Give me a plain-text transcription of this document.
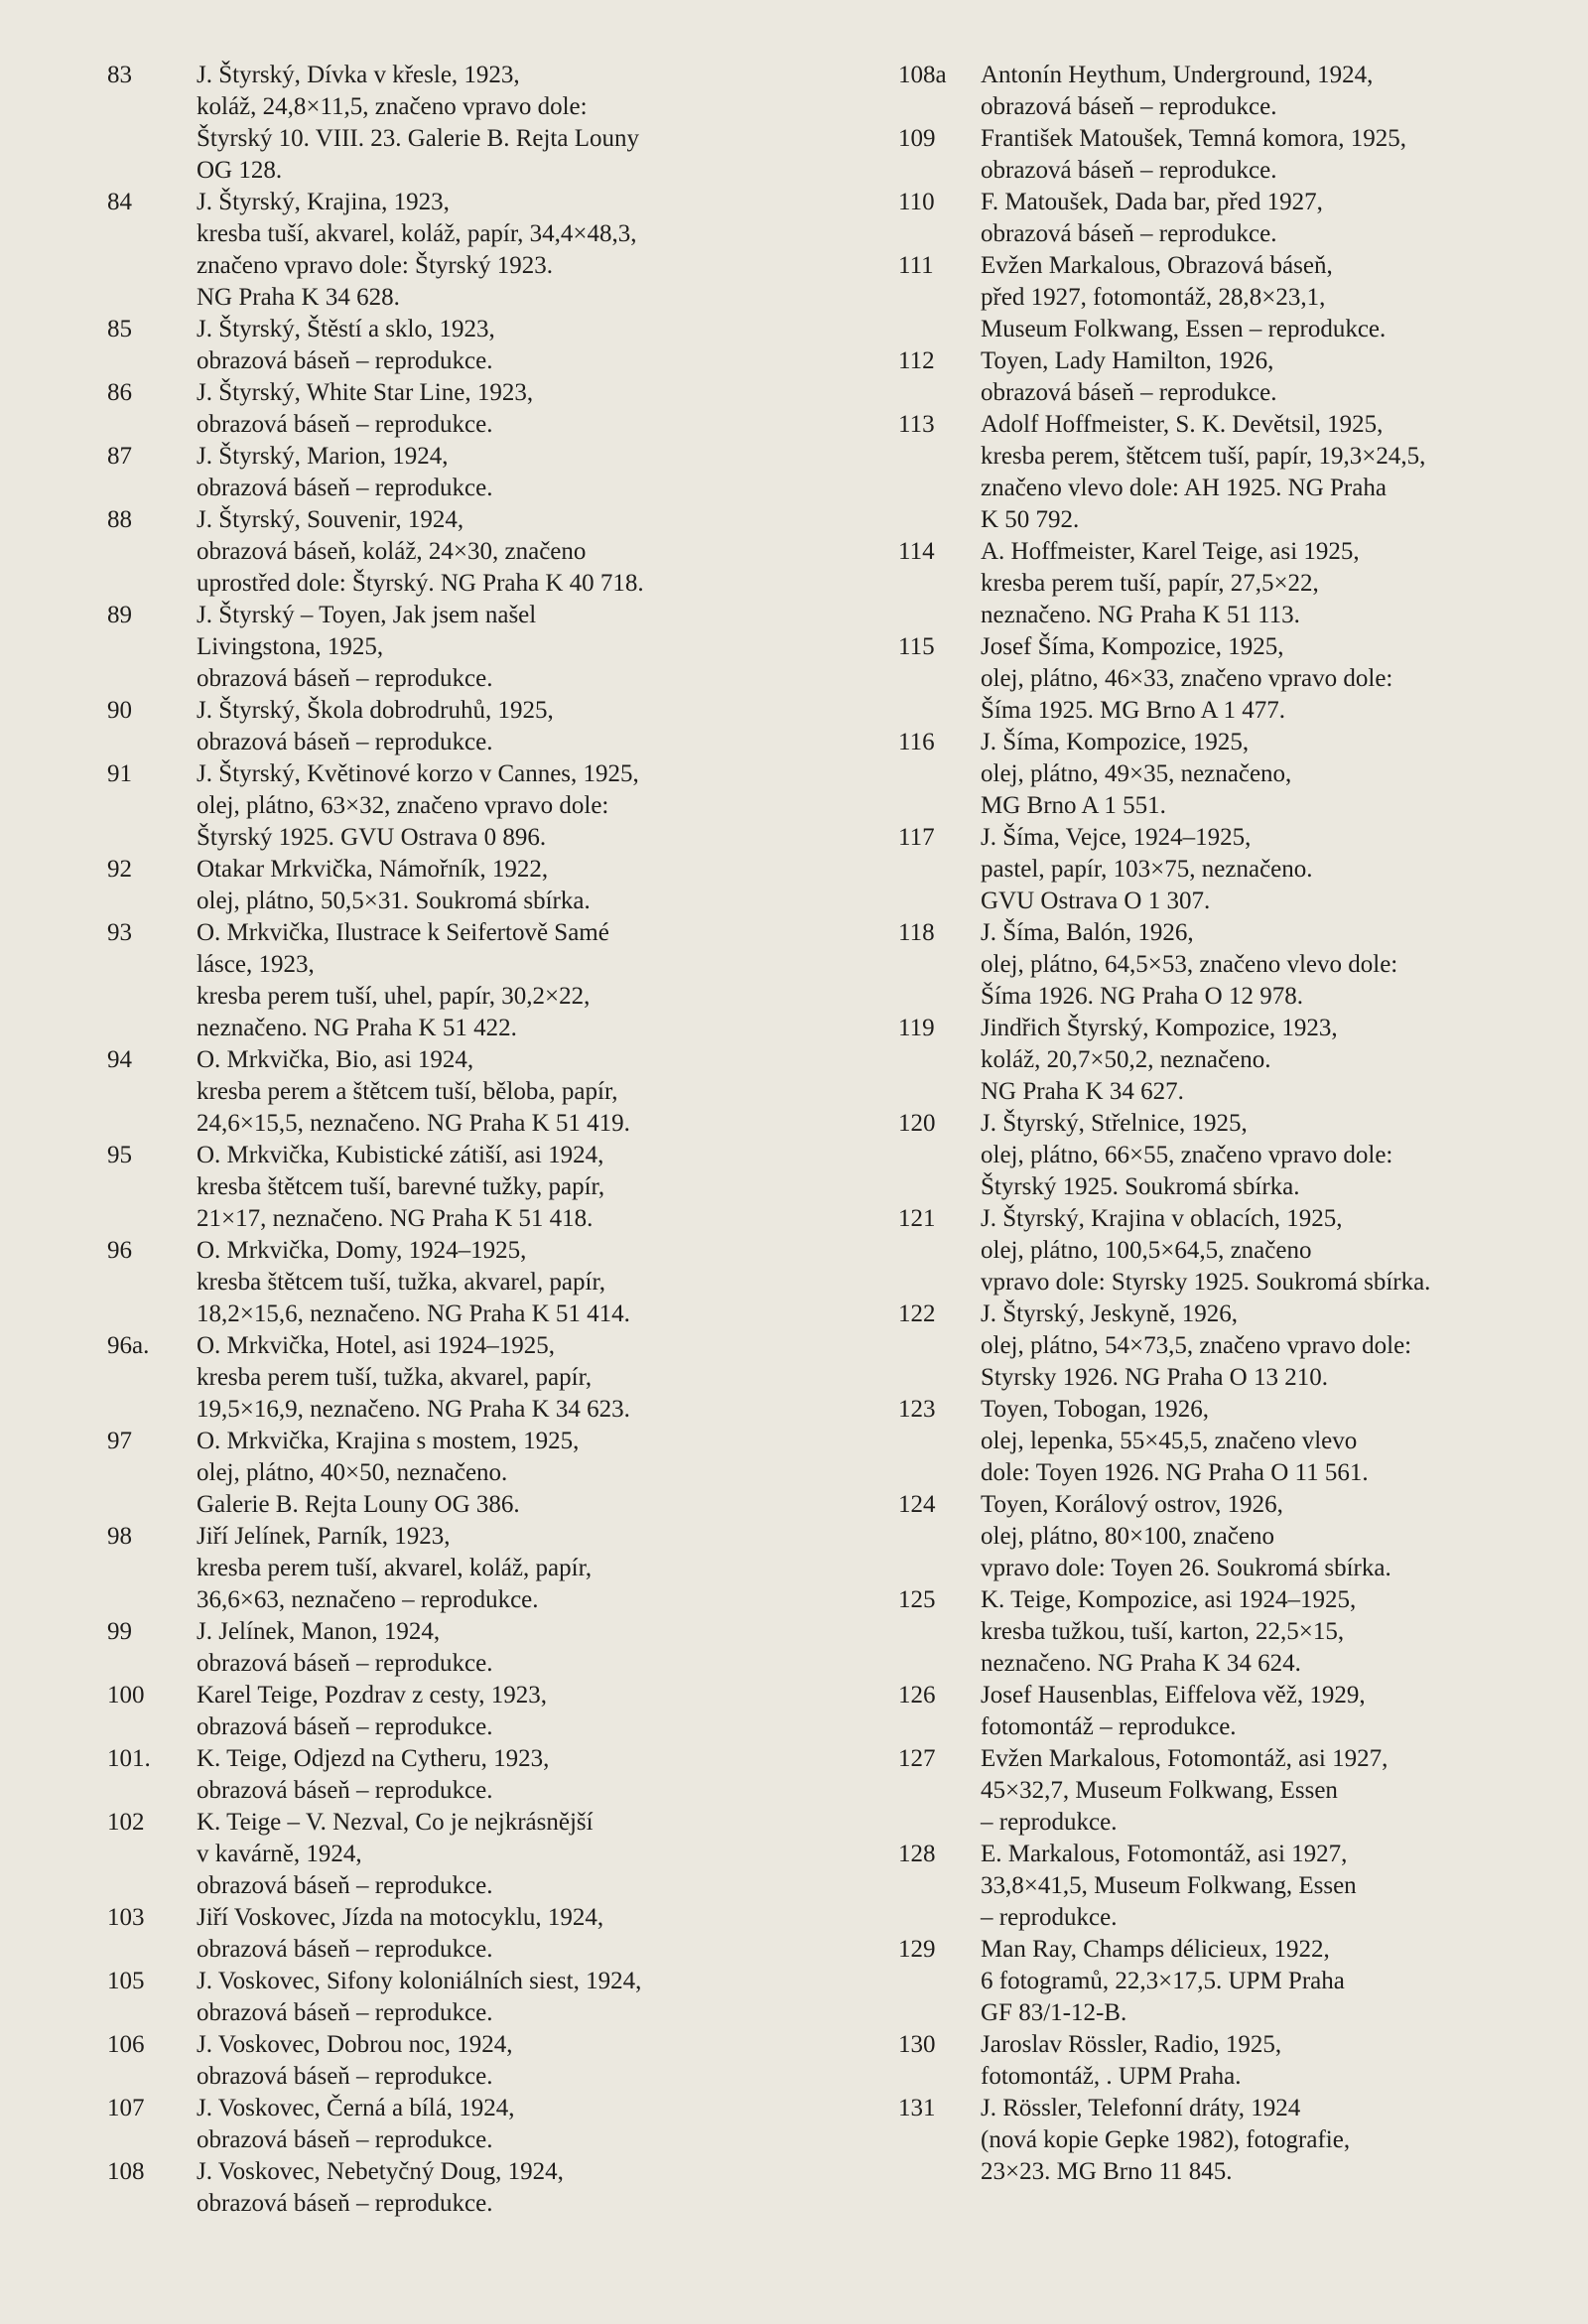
83	J. Štyrský, Dívka v křesle, 1923,
koláž, 24,8×11,5, značeno vpravo dole:
Štyrský 10. VIII. 23. Galerie B. Rejta Louny
OG 128.
84	J. Štyrský, Krajina, 1923,
kresba tuší, akvarel, koláž, papír, 34,4×48,3,
značeno vpravo dole: Štyrský 1923.
NG Praha K 34 628.
85	J. Štyrský, Štěstí a sklo, 1923,
obrazová báseň – reprodukce.
86	J. Štyrský, White Star Line, 1923,
obrazová báseň – reprodukce.
87	J. Štyrský, Marion, 1924,
obrazová báseň – reprodukce.
88	J. Štyrský, Souvenir, 1924,
obrazová báseň, koláž, 24×30, značeno
uprostřed dole: Štyrský. NG Praha K 40 718.
89	J. Štyrský – Toyen, Jak jsem našel
Livingstona, 1925,
obrazová báseň – reprodukce.
90	J. Štyrský, Škola dobrodruhů, 1925,
obrazová báseň – reprodukce.
91	J. Štyrský, Květinové korzo v Cannes, 1925,
olej, plátno, 63×32, značeno vpravo dole:
Štyrský 1925. GVU Ostrava 0 896.
92	Otakar Mrkvička, Námořník, 1922,
olej, plátno, 50,5×31. Soukromá sbírka.
93	O. Mrkvička, Ilustrace k Seifertově Samé
lásce, 1923,
kresba perem tuší, uhel, papír, 30,2×22,
neznačeno. NG Praha K 51 422.
94	O. Mrkvička, Bio, asi 1924,
kresba perem a štětcem tuší, běloba, papír,
24,6×15,5, neznačeno. NG Praha K 51 419.
95	O. Mrkvička, Kubistické zátiší, asi 1924,
kresba štětcem tuší, barevné tužky, papír,
21×17, neznačeno. NG Praha K 51 418.
96	O. Mrkvička, Domy, 1924–1925,
kresba štětcem tuší, tužka, akvarel, papír,
18,2×15,6, neznačeno. NG Praha K 51 414.
96a.	O. Mrkvička, Hotel, asi 1924–1925,
kresba perem tuší, tužka, akvarel, papír,
19,5×16,9, neznačeno. NG Praha K 34 623.
97	O. Mrkvička, Krajina s mostem, 1925,
olej, plátno, 40×50, neznačeno.
Galerie B. Rejta Louny OG 386.
98	Jiří Jelínek, Parník, 1923,
kresba perem tuší, akvarel, koláž, papír,
36,6×63, neznačeno – reprodukce.
99	J. Jelínek, Manon, 1924,
obrazová báseň – reprodukce.
100	Karel Teige, Pozdrav z cesty, 1923,
obrazová báseň – reprodukce.
101.	K. Teige, Odjezd na Cytheru, 1923,
obrazová báseň – reprodukce.
102	K. Teige – V. Nezval, Co je nejkrásnější
v kavárně, 1924,
obrazová báseň – reprodukce.
103	Jiří Voskovec, Jízda na motocyklu, 1924,
obrazová báseň – reprodukce.
105	J. Voskovec, Sifony koloniálních siest, 1924,
obrazová báseň – reprodukce.
106	J. Voskovec, Dobrou noc, 1924,
obrazová báseň – reprodukce.
107	J. Voskovec, Černá a bílá, 1924,
obrazová báseň – reprodukce.
108	J. Voskovec, Nebetyčný Doug, 1924,
obrazová báseň – reprodukce.
108a	Antonín Heythum, Underground, 1924,
obrazová báseň – reprodukce.
109	František Matoušek, Temná komora, 1925,
obrazová báseň – reprodukce.
110	F. Matoušek, Dada bar, před 1927,
obrazová báseň – reprodukce.
111	Evžen Markalous, Obrazová báseň,
před 1927, fotomontáž, 28,8×23,1,
Museum Folkwang, Essen – reprodukce.
112	Toyen, Lady Hamilton, 1926,
obrazová báseň – reprodukce.
113	Adolf Hoffmeister, S. K. Devětsil, 1925,
kresba perem, štětcem tuší, papír, 19,3×24,5,
značeno vlevo dole: AH 1925. NG Praha
K 50 792.
114	A. Hoffmeister, Karel Teige, asi 1925,
kresba perem tuší, papír, 27,5×22,
neznačeno. NG Praha K 51 113.
115	Josef Šíma, Kompozice, 1925,
olej, plátno, 46×33, značeno vpravo dole:
Šíma 1925. MG Brno A 1 477.
116	J. Šíma, Kompozice, 1925,
olej, plátno, 49×35, neznačeno,
MG Brno A 1 551.
117	J. Šíma, Vejce, 1924–1925,
pastel, papír, 103×75, neznačeno.
GVU Ostrava O 1 307.
118	J. Šíma, Balón, 1926,
olej, plátno, 64,5×53, značeno vlevo dole:
Šíma 1926. NG Praha O 12 978.
119	Jindřich Štyrský, Kompozice, 1923,
koláž, 20,7×50,2, neznačeno.
NG Praha K 34 627.
120	J. Štyrský, Střelnice, 1925,
olej, plátno, 66×55, značeno vpravo dole:
Štyrský 1925. Soukromá sbírka.
121	J. Štyrský, Krajina v oblacích, 1925,
olej, plátno, 100,5×64,5, značeno
vpravo dole: Styrsky 1925. Soukromá sbírka.
122	J. Štyrský, Jeskyně, 1926,
olej, plátno, 54×73,5, značeno vpravo dole:
Styrsky 1926. NG Praha O 13 210.
123	Toyen, Tobogan, 1926,
olej, lepenka, 55×45,5, značeno vlevo
dole: Toyen 1926. NG Praha O 11 561.
124	Toyen, Korálový ostrov, 1926,
olej, plátno, 80×100, značeno
vpravo dole: Toyen 26. Soukromá sbírka.
125	K. Teige, Kompozice, asi 1924–1925,
kresba tužkou, tuší, karton, 22,5×15,
neznačeno. NG Praha K 34 624.
126	Josef Hausenblas, Eiffelova věž, 1929,
fotomontáž – reprodukce.
127	Evžen Markalous, Fotomontáž, asi 1927,
45×32,7, Museum Folkwang, Essen
– reprodukce.
128	E. Markalous, Fotomontáž, asi 1927,
33,8×41,5, Museum Folkwang, Essen
– reprodukce.
129	Man Ray, Champs délicieux, 1922,
6 fotogramů, 22,3×17,5. UPM Praha
GF 83/1-12-B.
130	Jaroslav Rössler, Radio, 1925,
fotomontáž, . UPM Praha.
131	J. Rössler, Telefonní dráty, 1924
(nová kopie Gepke 1982), fotografie,
23×23. MG Brno 11 845.
